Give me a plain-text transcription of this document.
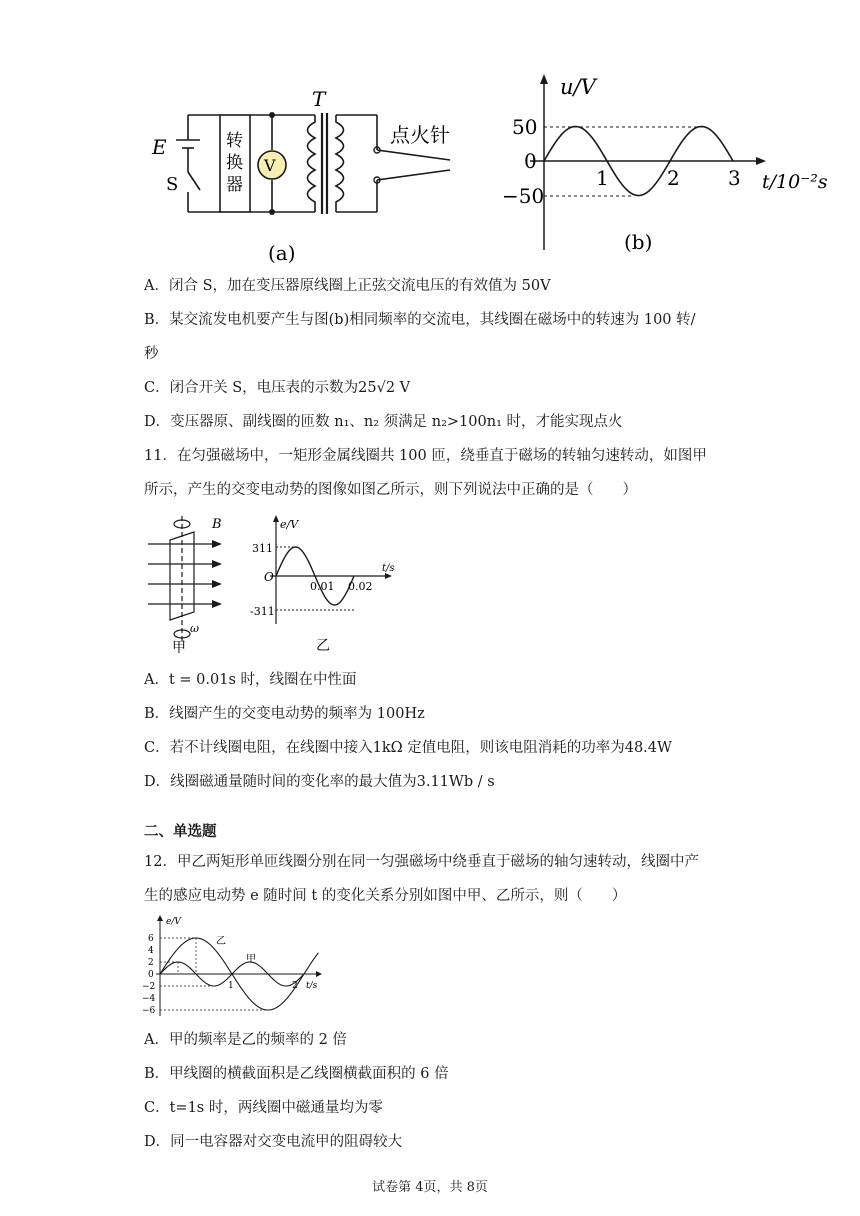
V
转
换
器
E
S
T
点火针
(a)
u/V
50
0
−50
1	2 3 t/10⁻²s
(b)
A．闭合 S，加在变压器原线圈上正弦交流电压的有效值为 50V
B．某交流发电机要产生与图(b)相同频率的交流电，其线圈在磁场中的转速为 100 转/
秒
C．闭合开关 S，电压表的示数为25√2 V
D．变压器原、副线圈的匝数 n₁、n₂ 须满足 n₂>100n₁ 时，才能实现点火
11．在匀强磁场中，一矩形金属线圈共 100 匝，绕垂直于磁场的转轴匀速转动，如图甲
所示，产生的交变电动势的图像如图乙所示，则下列说法中正确的是（　　）
B
ω
甲
e/V
311
O
-311
0.01 0.02
t/s
乙
A．t = 0.01s 时，线圈在中性面
B．线圈产生的交变电动势的频率为 100Hz
C．若不计线圈电阻，在线圈中接入1kΩ 定值电阻，则该电阻消耗的功率为48.4W
D．线圈磁通量随时间的变化率的最大值为3.11Wb / s
二、单选题
12．甲乙两矩形单匝线圈分别在同一匀强磁场中绕垂直于磁场的轴匀速转动，线圈中产
生的感应电动势 e 随时间 t 的变化关系分别如图中甲、乙所示，则（　　）
e/V
6
4
2
0
−2
−4
−6
1	2 t/s
乙
甲
A．甲的频率是乙的频率的 2 倍
B．甲线圈的横截面积是乙线圈横截面积的 6 倍
C．t=1s 时，两线圈中磁通量均为零
D．同一电容器对交变电流甲的阻碍较大
试卷第 4页，共 8页
